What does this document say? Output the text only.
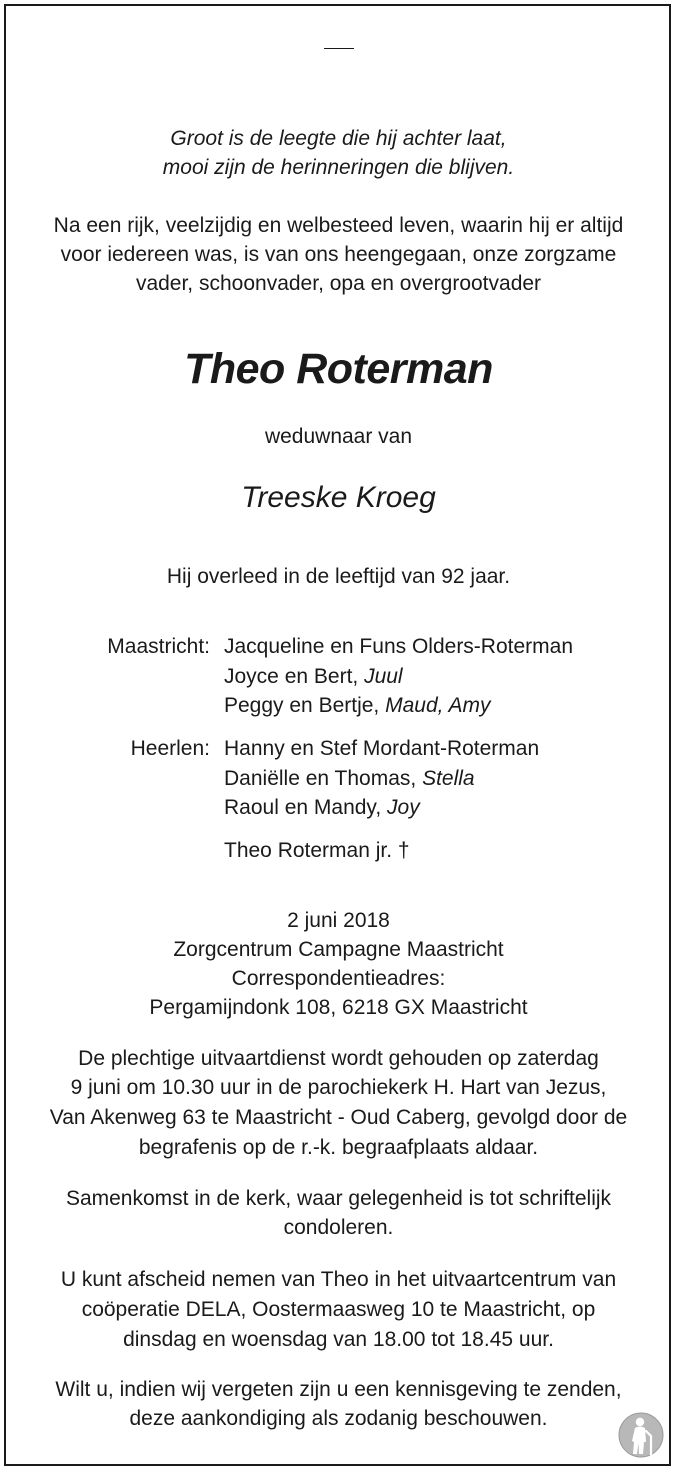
Groot is de leegte die hij achter laat,
mooi zijn de herinneringen die blijven.
Na een rijk, veelzijdig en welbesteed leven, waarin hij er altijd
voor iedereen was, is van ons heengegaan, onze zorgzame
vader, schoonvader, opa en overgrootvader
Theo Roterman
weduwnaar van
Treeske Kroeg
Hij overleed in de leeftijd van 92 jaar.
Maastricht: Jacqueline en Funs Olders-Roterman
Joyce en Bert, Juul
Peggy en Bertje, Maud, Amy
Heerlen: Hanny en Stef Mordant-Roterman
Daniëlle en Thomas, Stella
Raoul en Mandy, Joy
Theo Roterman jr. †
2 juni 2018
Zorgcentrum Campagne Maastricht
Correspondentieadres:
Pergamijndonk 108, 6218 GX Maastricht
De plechtige uitvaartdienst wordt gehouden op zaterdag
9 juni om 10.30 uur in de parochiekerk H. Hart van Jezus,
Van Akenweg 63 te Maastricht - Oud Caberg, gevolgd door de
begrafenis op de r.-k. begraafplaats aldaar.
Samenkomst in de kerk, waar gelegenheid is tot schriftelijk
condoleren.
U kunt afscheid nemen van Theo in het uitvaartcentrum van
coöperatie DELA, Oostermaasweg 10 te Maastricht, op
dinsdag en woensdag van 18.00 tot 18.45 uur.
Wilt u, indien wij vergeten zijn u een kennisgeving te zenden,
deze aankondiging als zodanig beschouwen.
